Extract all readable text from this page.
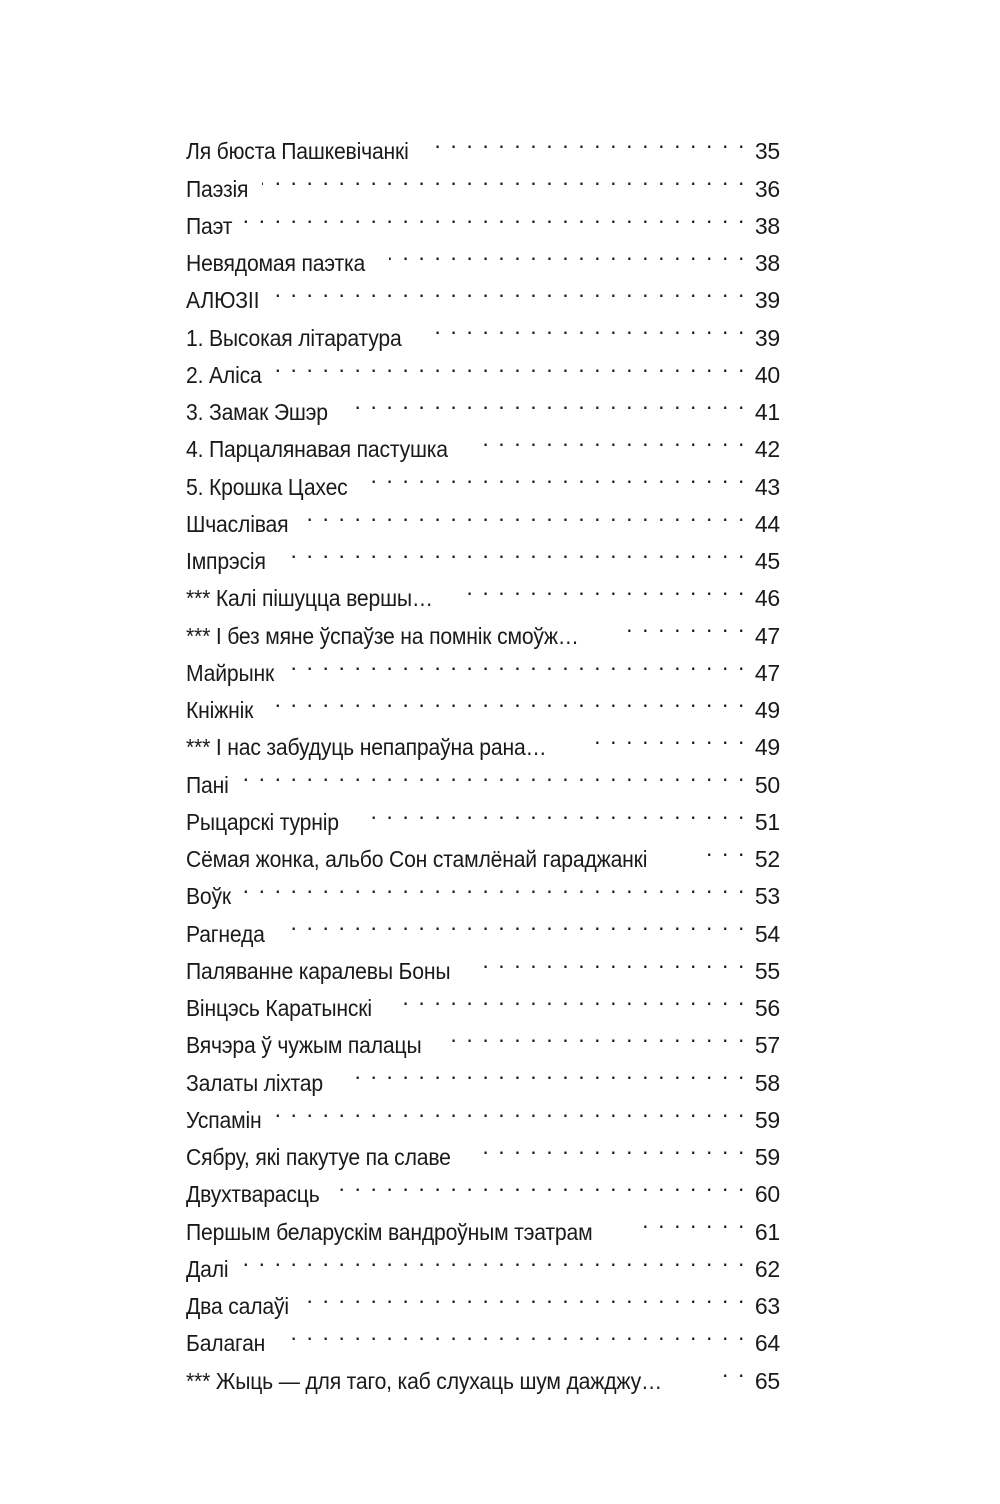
Ля бюста Пашкевічанкі . . .	35
Паэзія . . .	36
Паэт . . .	38
Невядомая паэтка . . .	38
АЛЮЗІІ . . .	39
1. Высокая літаратура . . .	39
2. Аліса . . .	40
3. Замак Эшэр . . .	41
4. Парцалянавая пастушка . . .	42
5. Крошка Цахес . . .	43
Шчаслівая . . .	44
Імпрэсія . . .	45
*** Калі пішуцца вершы… . . .	46
*** І без мяне ўспаўзе на помнік смоўж… . . .	47
Майрынк . . .	47
Кніжнік . . .	49
*** І нас забудуць непапраўна рана… . . .	49
Пані . . .	50
Рыцарскі турнір . . .	51
Сёмая жонка, альбо Сон стамлёнай гараджанкі . . .	52
Воўк . . .	53
Рагнеда . . .	54
Паляванне каралевы Боны . . .	55
Вінцэсь Каратынскі . . .	56
Вячэра ў чужым палацы . . .	57
Залаты ліхтар . . .	58
Успамін . . .	59
Сябру, які пакутуе па славе . . .	59
Двухтварасць . . .	60
Першым беларускім вандроўным тэатрам . . .	61
Далі . . .	62
Два салаўі . . .	63
Балаган . . .	64
*** Жыць — для таго, каб слухаць шум дажджу… . . .	65
